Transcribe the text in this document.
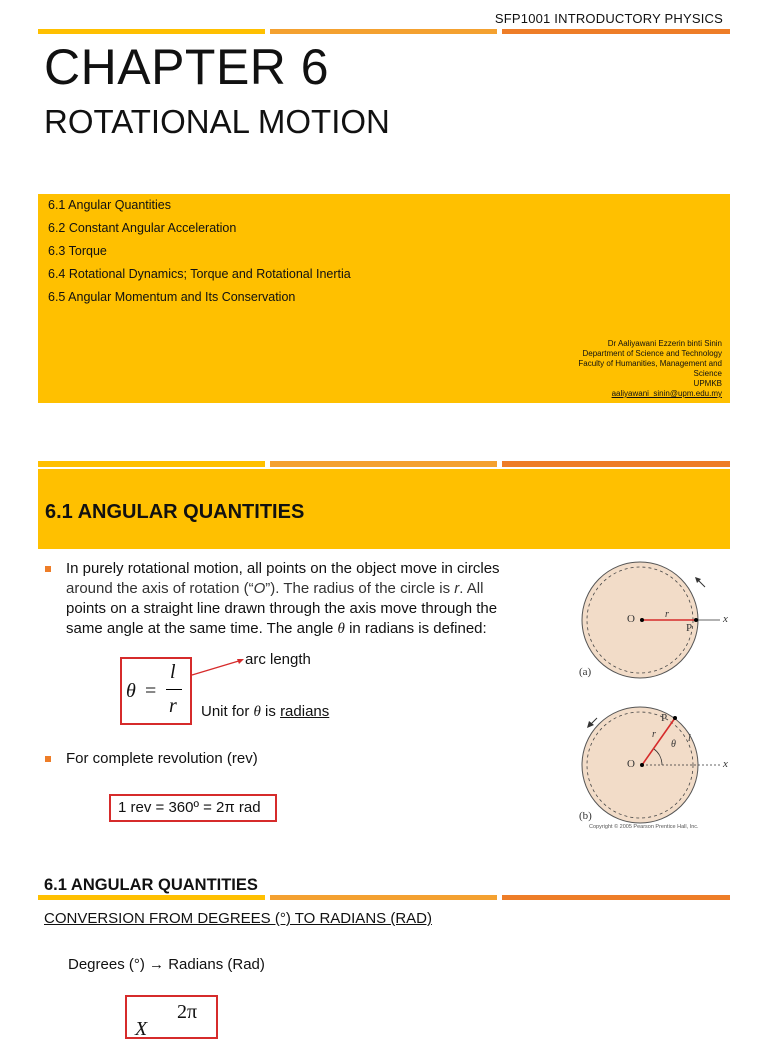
SFP1001 INTRODUCTORY PHYSICS
CHAPTER 6
ROTATIONAL MOTION
6.1 Angular Quantities
6.2 Constant Angular Acceleration
6.3 Torque
6.4 Rotational Dynamics; Torque and Rotational Inertia
6.5 Angular Momentum and Its Conservation
Dr Aaliyawani Ezzerin binti Sinin
Department of Science and Technology
Faculty of Humanities, Management and
Science
UPMKB
aaliyawani_sinin@upm.edu.my
6.1 ANGULAR QUANTITIES
In purely rotational motion, all points on the object move in circles
around the axis of rotation (“O”). The radius of the circle is r. All
points on a straight line drawn through the axis move through the
same angle at the same time. The angle θ in radians is defined:
θ =
l
r
arc length
Unit for θ is radians
For complete revolution (rev)
1 rev = 360º = 2π rad
O	r
P
x
(a)
O
P
r
θ
l
x
(b)
Copyright © 2005 Pearson Prentice Hall, Inc.
6.1 ANGULAR QUANTITIES
CONVERSION FROM DEGREES (°) TO RADIANS (RAD)
Degrees (°) → Radians (Rad)
X
2π
